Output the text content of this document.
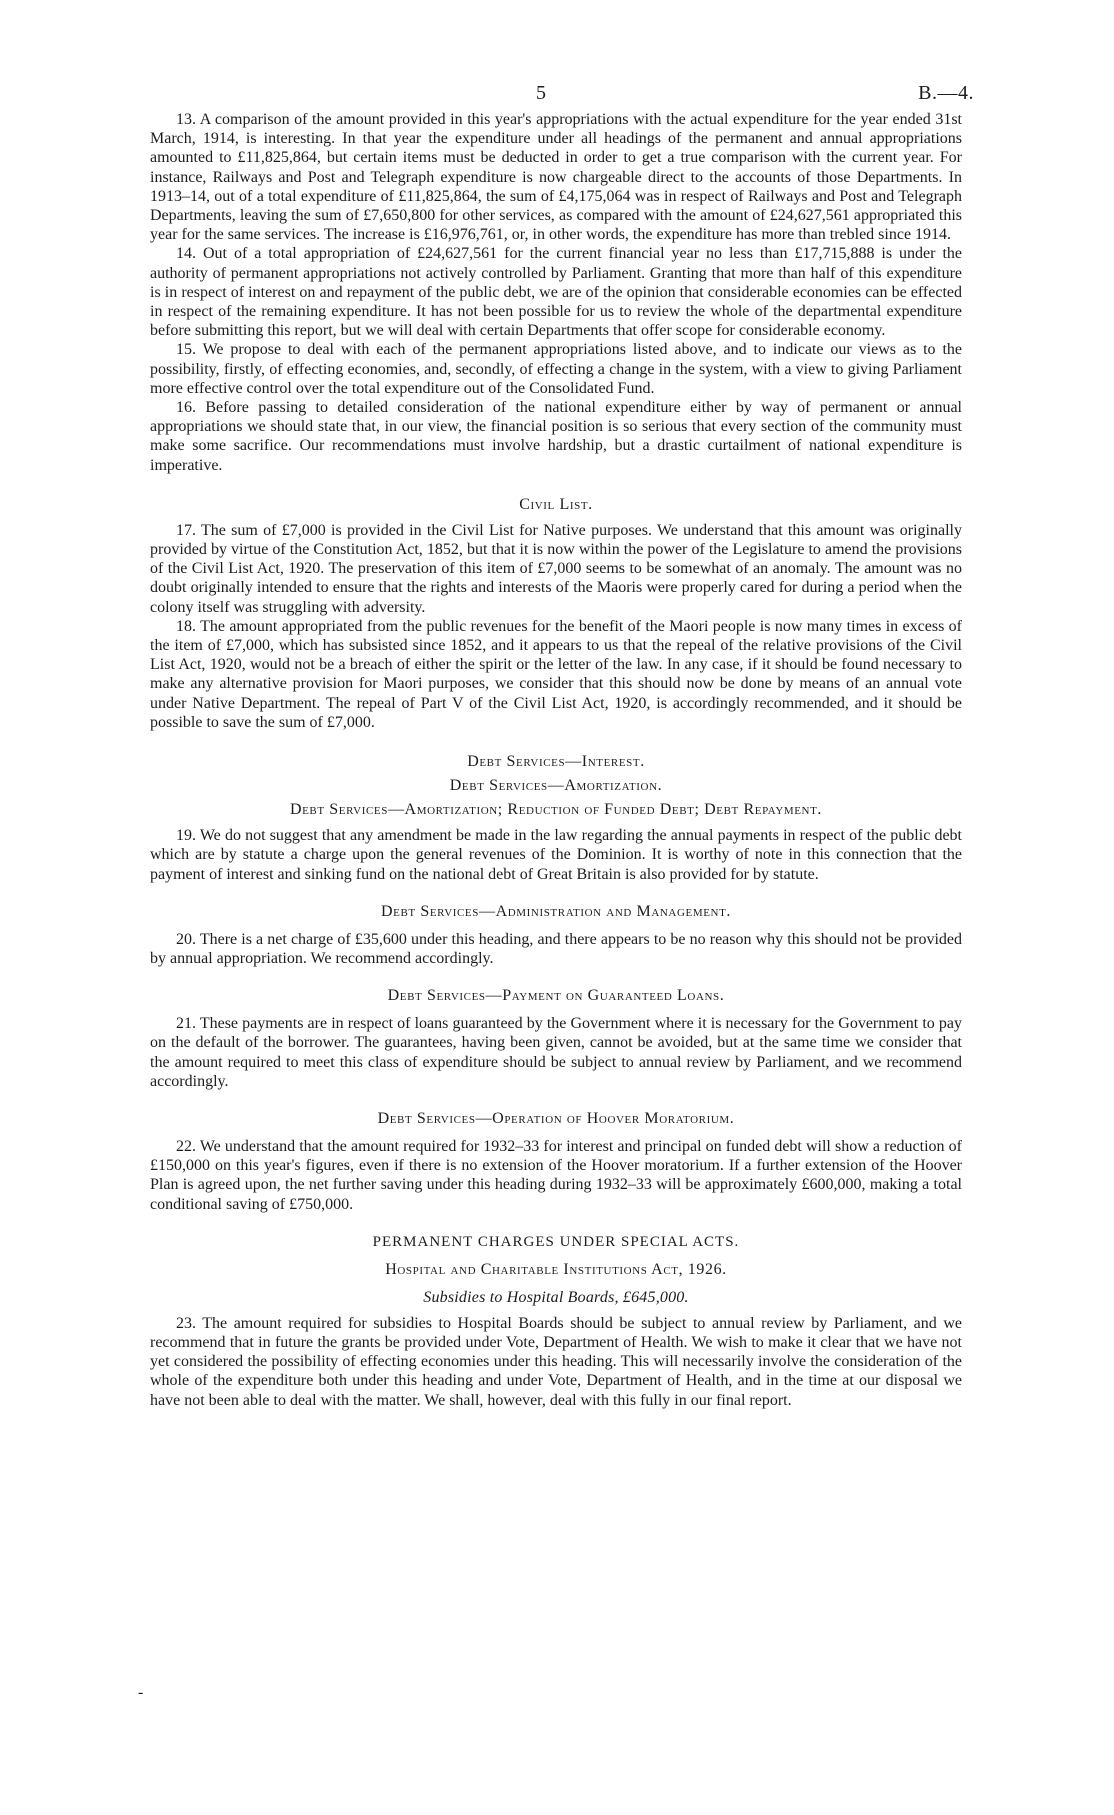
5	B.—4.

13. A comparison of the amount provided in this year's appropriations with the actual expenditure for the year ended 31st March, 1914, is interesting. In that year the expenditure under all headings of the permanent and annual appropriations amounted to £11,825,864, but certain items must be deducted in order to get a true comparison with the current year. For instance, Railways and Post and Telegraph expenditure is now chargeable direct to the accounts of those Departments. In 1913–14, out of a total expenditure of £11,825,864, the sum of £4,175,064 was in respect of Railways and Post and Telegraph Departments, leaving the sum of £7,650,800 for other services, as compared with the amount of £24,627,561 appropriated this year for the same services. The increase is £16,976,761, or, in other words, the expenditure has more than trebled since 1914.

14. Out of a total appropriation of £24,627,561 for the current financial year no less than £17,715,888 is under the authority of permanent appropriations not actively controlled by Parliament. Granting that more than half of this expenditure is in respect of interest on and repayment of the public debt, we are of the opinion that considerable economies can be effected in respect of the remaining expenditure. It has not been possible for us to review the whole of the departmental expenditure before submitting this report, but we will deal with certain Departments that offer scope for considerable economy.

15. We propose to deal with each of the permanent appropriations listed above, and to indicate our views as to the possibility, firstly, of effecting economies, and, secondly, of effecting a change in the system, with a view to giving Parliament more effective control over the total expenditure out of the Consolidated Fund.

16. Before passing to detailed consideration of the national expenditure either by way of permanent or annual appropriations we should state that, in our view, the financial position is so serious that every section of the community must make some sacrifice. Our recommendations must involve hardship, but a drastic curtailment of national expenditure is imperative.

Civil List.

17. The sum of £7,000 is provided in the Civil List for Native purposes. We understand that this amount was originally provided by virtue of the Constitution Act, 1852, but that it is now within the power of the Legislature to amend the provisions of the Civil List Act, 1920. The preservation of this item of £7,000 seems to be somewhat of an anomaly. The amount was no doubt originally intended to ensure that the rights and interests of the Maoris were properly cared for during a period when the colony itself was struggling with adversity.

18. The amount appropriated from the public revenues for the benefit of the Maori people is now many times in excess of the item of £7,000, which has subsisted since 1852, and it appears to us that the repeal of the relative provisions of the Civil List Act, 1920, would not be a breach of either the spirit or the letter of the law. In any case, if it should be found necessary to make any alternative provision for Maori purposes, we consider that this should now be done by means of an annual vote under Native Department. The repeal of Part V of the Civil List Act, 1920, is accordingly recommended, and it should be possible to save the sum of £7,000.

Debt Services—Interest.

Debt Services—Amortization.

Debt Services—Amortization; Reduction of Funded Debt; Debt Repayment.

19. We do not suggest that any amendment be made in the law regarding the annual payments in respect of the public debt which are by statute a charge upon the general revenues of the Dominion. It is worthy of note in this connection that the payment of interest and sinking fund on the national debt of Great Britain is also provided for by statute.

Debt Services—Administration and Management.

20. There is a net charge of £35,600 under this heading, and there appears to be no reason why this should not be provided by annual appropriation. We recommend accordingly.

Debt Services—Payment on Guaranteed Loans.

21. These payments are in respect of loans guaranteed by the Government where it is necessary for the Government to pay on the default of the borrower. The guarantees, having been given, cannot be avoided, but at the same time we consider that the amount required to meet this class of expenditure should be subject to annual review by Parliament, and we recommend accordingly.

Debt Services—Operation of Hoover Moratorium.

22. We understand that the amount required for 1932–33 for interest and principal on funded debt will show a reduction of £150,000 on this year's figures, even if there is no extension of the Hoover moratorium. If a further extension of the Hoover Plan is agreed upon, the net further saving under this heading during 1932–33 will be approximately £600,000, making a total conditional saving of £750,000.

PERMANENT CHARGES UNDER SPECIAL ACTS.

Hospital and Charitable Institutions Act, 1926.

Subsidies to Hospital Boards, £645,000.

23. The amount required for subsidies to Hospital Boards should be subject to annual review by Parliament, and we recommend that in future the grants be provided under Vote, Department of Health. We wish to make it clear that we have not yet considered the possibility of effecting economies under this heading. This will necessarily involve the consideration of the whole of the expenditure both under this heading and under Vote, Department of Health, and in the time at our disposal we have not been able to deal with the matter. We shall, however, deal with this fully in our final report.

-
